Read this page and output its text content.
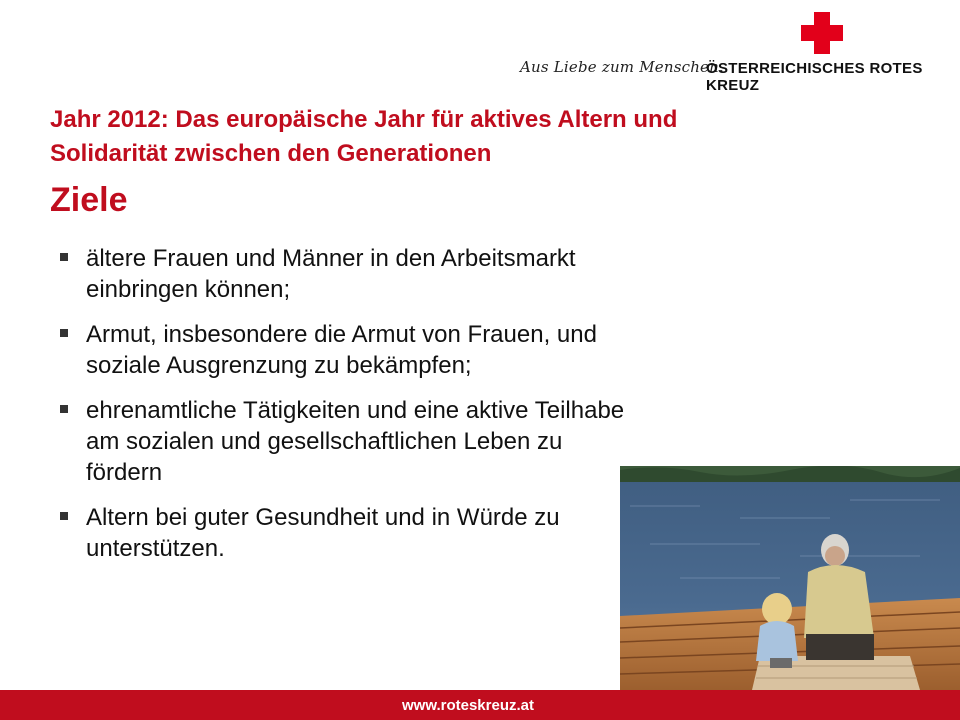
Aus Liebe zum Menschen.
ÖSTERREICHISCHES ROTES KREUZ
Jahr 2012: Das europäische Jahr für aktives Altern und
Solidarität zwischen den Generationen
Ziele
ältere Frauen und Männer in den Arbeitsmarkt einbringen können;
Armut, insbesondere die Armut von Frauen, und soziale Ausgrenzung zu bekämpfen;
ehrenamtliche Tätigkeiten und eine aktive Teilhabe am sozialen und gesellschaftlichen Leben zu fördern
Altern bei guter Gesundheit und in Würde zu unterstützen.
www.roteskreuz.at
